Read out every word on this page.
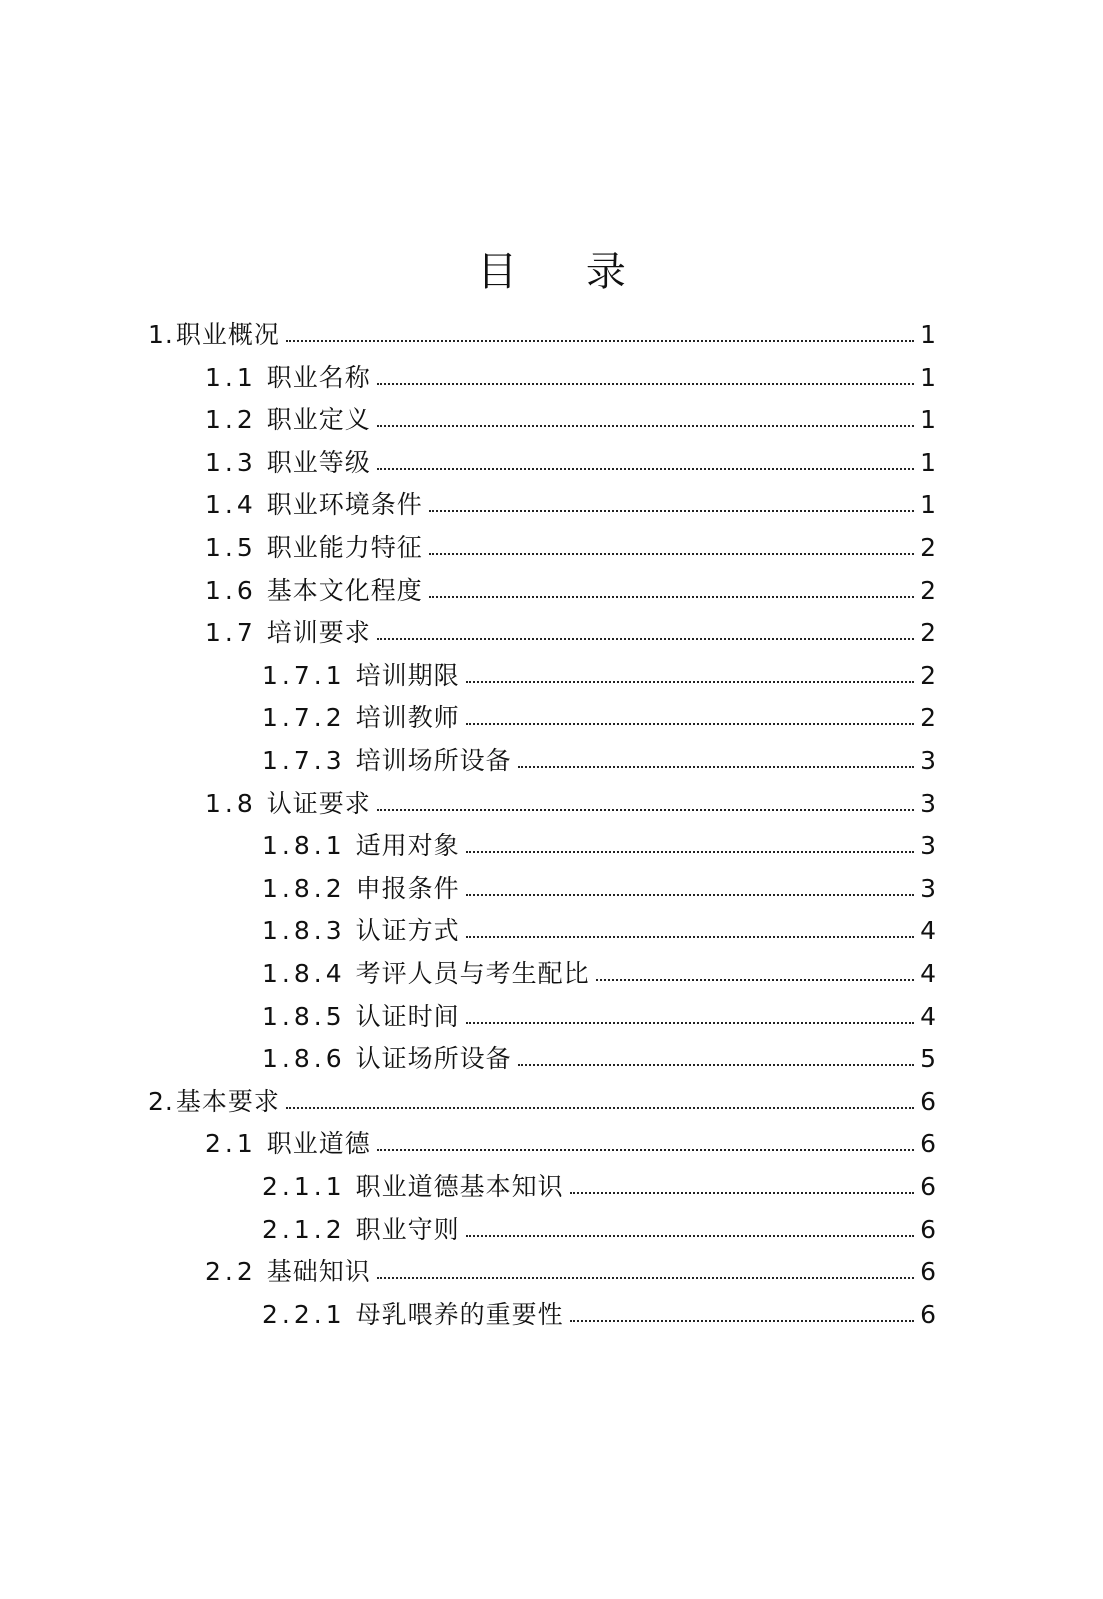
目 录
1. 职业概况	1
1.1 职业名称	1
1.2 职业定义	1
1.3 职业等级	1
1.4 职业环境条件	1
1.5 职业能力特征	2
1.6 基本文化程度	2
1.7 培训要求	2
1.7.1 培训期限	2
1.7.2 培训教师	2
1.7.3 培训场所设备	3
1.8 认证要求	3
1.8.1 适用对象	3
1.8.2 申报条件	3
1.8.3 认证方式	4
1.8.4 考评人员与考生配比	4
1.8.5 认证时间	4
1.8.6 认证场所设备	5
2. 基本要求	6
2.1 职业道德	6
2.1.1 职业道德基本知识	6
2.1.2 职业守则	6
2.2 基础知识	6
2.2.1 母乳喂养的重要性	6
